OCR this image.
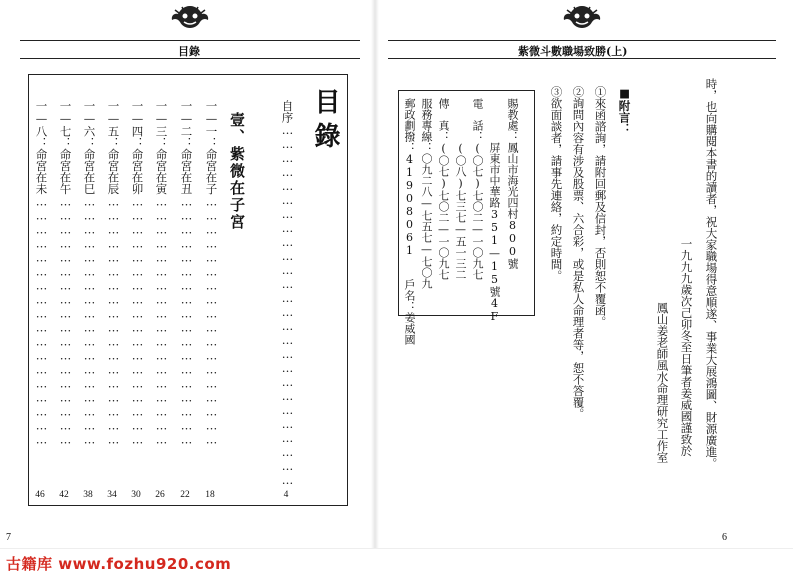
目錄
目錄
自序……………………………………………………………………
4
壹、紫微在子宮
一—一：命宮在子………………………………………………
18
一—二：命宮在丑………………………………………………
22
一—三：命宮在寅………………………………………………
26
一—四：命宮在卯………………………………………………
30
一—五：命宮在辰………………………………………………
34
一—六：命宮在巳………………………………………………
38
一—七：命宮在午………………………………………………
42
一—八：命宮在未………………………………………………
46
7
紫微斗數職場致勝(上)
時，也向購閱本書的讀者，祝大家職場得意順遂、事業大展鴻圖、財源廣進。
一九九九歲次己卯冬至日筆者姜威國謹致於
鳳山姜老師風水命理研究工作室
■附言：
①來函諮詢，請附回郵及信封，否則恕不覆函。
②詢問內容有涉及股票、六合彩，或是私人命理者等，恕不答覆。
③欲面談者，請事先連絡，約定時間。
賜教處：鳳山市海光四村800號
　　　　屏東市中華路351—15號4F
電　話：(〇七)七〇二—一〇九七
　　　　(〇八)七三七—五一三二
傳　真：(〇七)七〇二—一〇九七
服務專線：〇九二八—七五七—七〇九
郵政劃撥：41908061　　戶名：姜威國
6
古籍库 www.fozhu920.com
